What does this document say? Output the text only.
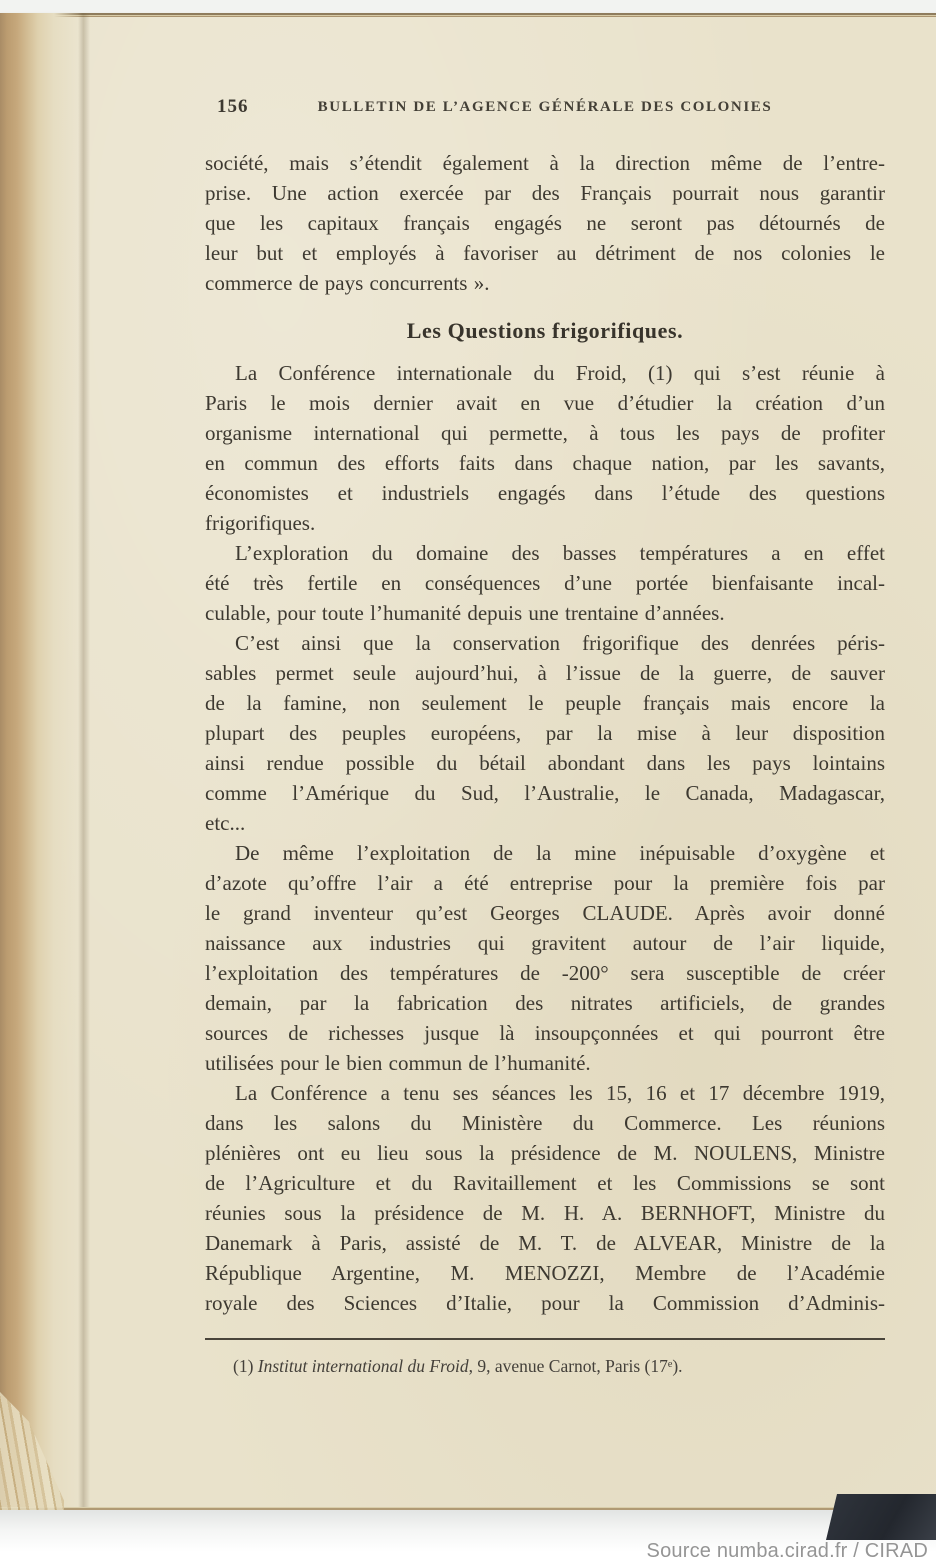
156	BULLETIN DE L’AGENCE GÉNÉRALE DES COLONIES

société, mais s’étendit également à la direction même de l’entre-
prise. Une action exercée par des Français pourrait nous garantir
que les capitaux français engagés ne seront pas détournés de
leur but et employés à favoriser au détriment de nos colonies le
commerce de pays concurrents ».

Les Questions frigorifiques.

La Conférence internationale du Froid, (1) qui s’est réunie à
Paris le mois dernier avait en vue d’étudier la création d’un
organisme international qui permette, à tous les pays de profiter
en commun des efforts faits dans chaque nation, par les savants,
économistes et industriels engagés dans l’étude des questions
frigorifiques.

L’exploration du domaine des basses températures a en effet
été très fertile en conséquences d’une portée bienfaisante incal-
culable, pour toute l’humanité depuis une trentaine d’années.

C’est ainsi que la conservation frigorifique des denrées péris-
sables permet seule aujourd’hui, à l’issue de la guerre, de sauver
de la famine, non seulement le peuple français mais encore la
plupart des peuples européens, par la mise à leur disposition
ainsi rendue possible du bétail abondant dans les pays lointains
comme l’Amérique du Sud, l’Australie, le Canada, Madagascar,
etc...

De même l’exploitation de la mine inépuisable d’oxygène et
d’azote qu’offre l’air a été entreprise pour la première fois par
le grand inventeur qu’est Georges CLAUDE. Après avoir donné
naissance aux industries qui gravitent autour de l’air liquide,
l’exploitation des températures de -200° sera susceptible de créer
demain, par la fabrication des nitrates artificiels, de grandes
sources de richesses jusque là insoupçonnées et qui pourront être
utilisées pour le bien commun de l’humanité.

La Conférence a tenu ses séances les 15, 16 et 17 décembre 1919,
dans les salons du Ministère du Commerce. Les réunions
plénières ont eu lieu sous la présidence de M. NOULENS, Ministre
de l’Agriculture et du Ravitaillement et les Commissions se sont
réunies sous la présidence de M. H. A. BERNHOFT, Ministre du
Danemark à Paris, assisté de M. T. de ALVEAR, Ministre de la
République Argentine, M. MENOZZI, Membre de l’Académie
royale des Sciences d’Italie, pour la Commission d’Adminis-

(1) Institut international du Froid, 9, avenue Carnot, Paris (17ᵉ).
Source numba.cirad.fr / CIRAD
